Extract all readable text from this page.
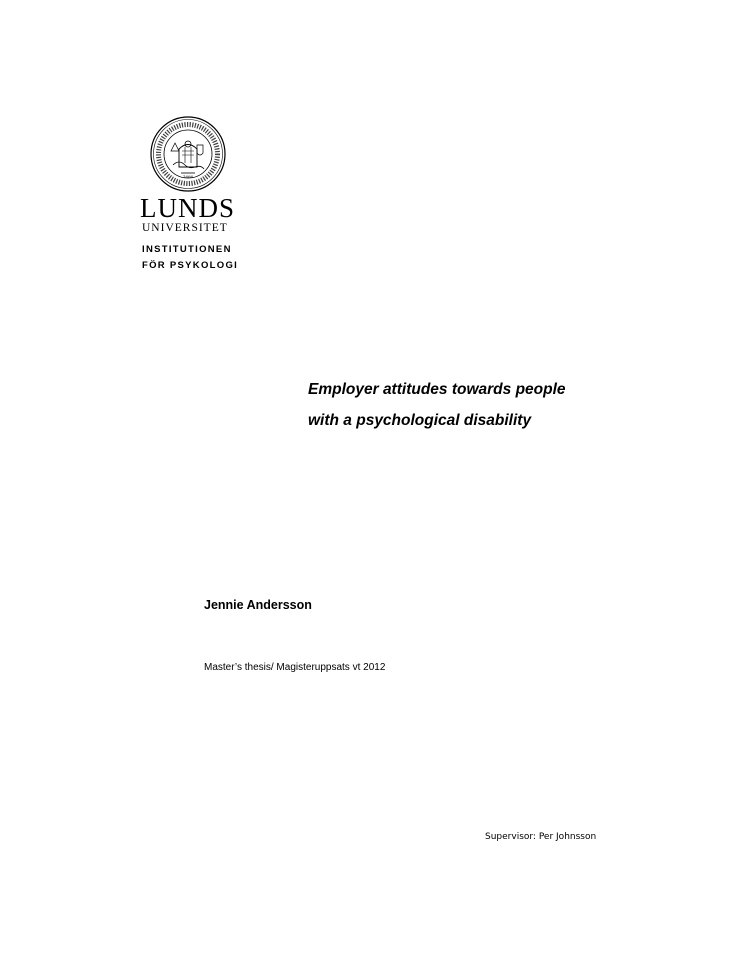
1666
LUNDS
UNIVERSITET
INSTITUTIONEN
FÖR PSYKOLOGI
Employer attitudes towards people
with a psychological disability
Jennie Andersson
Master’s thesis/ Magisteruppsats vt 2012
Supervisor: Per Johnsson
